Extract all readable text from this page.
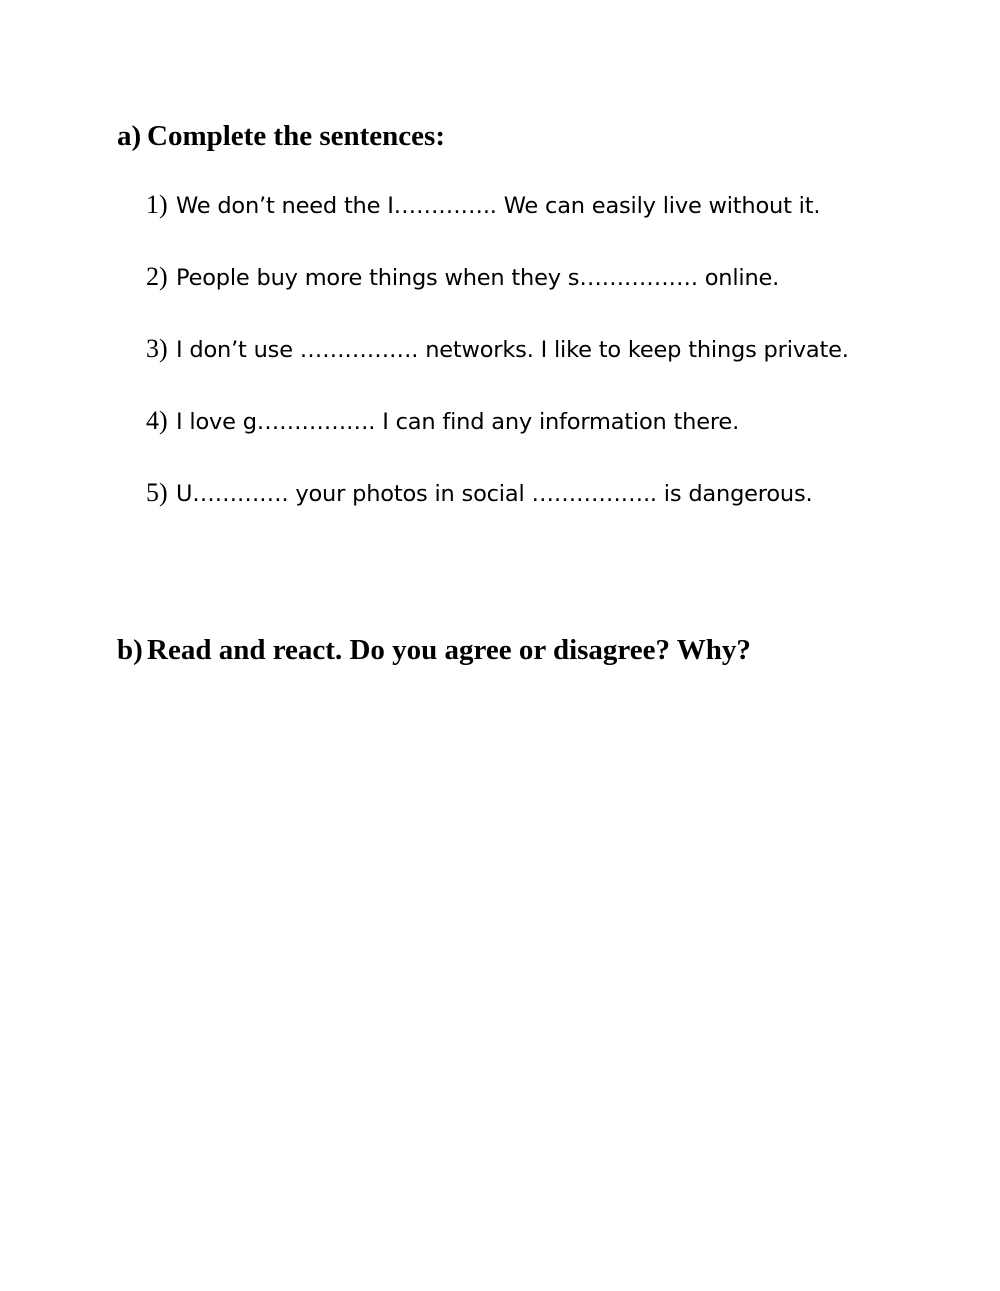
a) Complete the sentences:
1) We don’t need the I………….. We can easily live without it.
2) People buy more things when they s……………. online.
3) I don’t use ……………. networks. I like to keep things private.
4) I love g……………. I can find any information there.
5) U…………. your photos in social …………….. is dangerous.
b) Read and react. Do you agree or disagree? Why?
